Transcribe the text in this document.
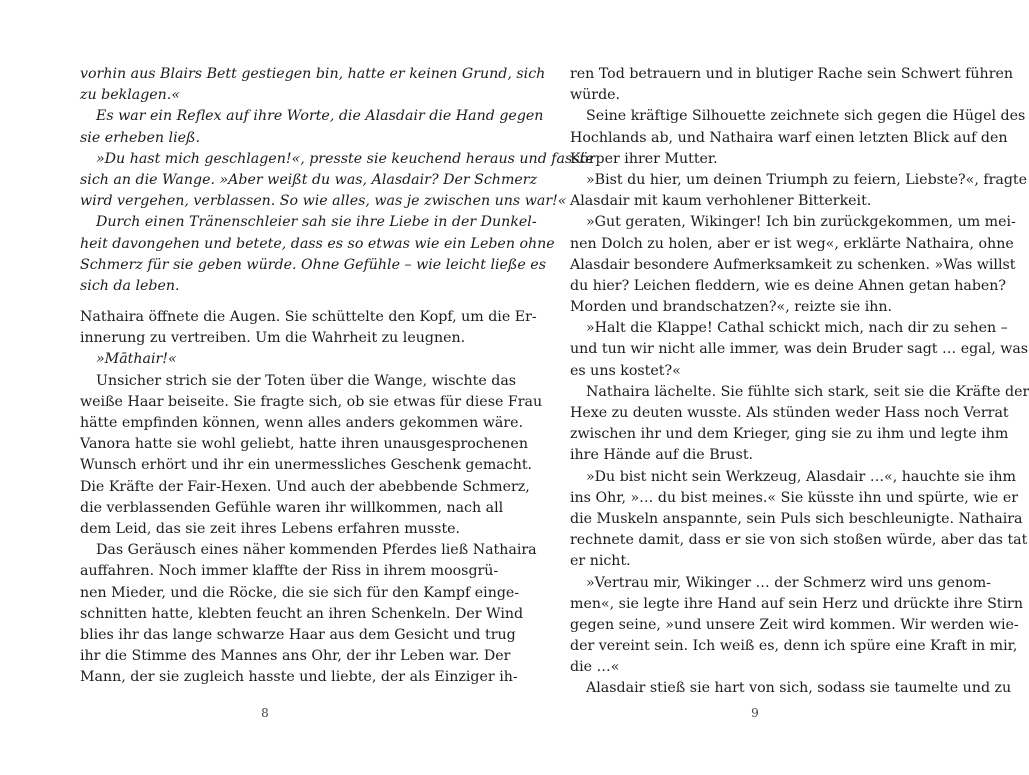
vorhin aus Blairs Bett gestiegen bin, hatte er keinen Grund, sich
zu beklagen.«
Es war ein Reflex auf ihre Worte, die Alasdair die Hand gegen
sie erheben ließ.
»Du hast mich geschlagen!«, presste sie keuchend heraus und fasste
sich an die Wange. »Aber weißt du was, Alasdair? Der Schmerz
wird vergehen, verblassen. So wie alles, was je zwischen uns war!«
Durch einen Tränenschleier sah sie ihre Liebe in der Dunkel-
heit davongehen und betete, dass es so etwas wie ein Leben ohne
Schmerz für sie geben würde. Ohne Gefühle – wie leicht ließe es
sich da leben.
Nathaira öffnete die Augen. Sie schüttelte den Kopf, um die Er-
innerung zu vertreiben. Um die Wahrheit zu leugnen.
»Māthair!«
Unsicher strich sie der Toten über die Wange, wischte das
weiße Haar beiseite. Sie fragte sich, ob sie etwas für diese Frau
hätte empfinden können, wenn alles anders gekommen wäre.
Vanora hatte sie wohl geliebt, hatte ihren unausgesprochenen
Wunsch erhört und ihr ein unermessliches Geschenk gemacht.
Die Kräfte der Fair-Hexen. Und auch der abebbende Schmerz,
die verblassenden Gefühle waren ihr willkommen, nach all
dem Leid, das sie zeit ihres Lebens erfahren musste.
Das Geräusch eines näher kommenden Pferdes ließ Nathaira
auffahren. Noch immer klaffte der Riss in ihrem moosgrü-
nen Mieder, und die Röcke, die sie sich für den Kampf einge-
schnitten hatte, klebten feucht an ihren Schenkeln. Der Wind
blies ihr das lange schwarze Haar aus dem Gesicht und trug
ihr die Stimme des Mannes ans Ohr, der ihr Leben war. Der
Mann, der sie zugleich hasste und liebte, der als Einziger ih-
8
ren Tod betrauern und in blutiger Rache sein Schwert führen
würde.
Seine kräftige Silhouette zeichnete sich gegen die Hügel des
Hochlands ab, und Nathaira warf einen letzten Blick auf den
Körper ihrer Mutter.
»Bist du hier, um deinen Triumph zu feiern, Liebste?«, fragte
Alasdair mit kaum verhohlener Bitterkeit.
»Gut geraten, Wikinger! Ich bin zurückgekommen, um mei-
nen Dolch zu holen, aber er ist weg«, erklärte Nathaira, ohne
Alasdair besondere Aufmerksamkeit zu schenken. »Was willst
du hier? Leichen fleddern, wie es deine Ahnen getan haben?
Morden und brandschatzen?«, reizte sie ihn.
»Halt die Klappe! Cathal schickt mich, nach dir zu sehen –
und tun wir nicht alle immer, was dein Bruder sagt … egal, was
es uns kostet?«
Nathaira lächelte. Sie fühlte sich stark, seit sie die Kräfte der
Hexe zu deuten wusste. Als stünden weder Hass noch Verrat
zwischen ihr und dem Krieger, ging sie zu ihm und legte ihm
ihre Hände auf die Brust.
»Du bist nicht sein Werkzeug, Alasdair …«, hauchte sie ihm
ins Ohr, »… du bist meines.« Sie küsste ihn und spürte, wie er
die Muskeln anspannte, sein Puls sich beschleunigte. Nathaira
rechnete damit, dass er sie von sich stoßen würde, aber das tat
er nicht.
»Vertrau mir, Wikinger … der Schmerz wird uns genom-
men«, sie legte ihre Hand auf sein Herz und drückte ihre Stirn
gegen seine, »und unsere Zeit wird kommen. Wir werden wie-
der vereint sein. Ich weiß es, denn ich spüre eine Kraft in mir,
die …«
Alasdair stieß sie hart von sich, sodass sie taumelte und zu
9
